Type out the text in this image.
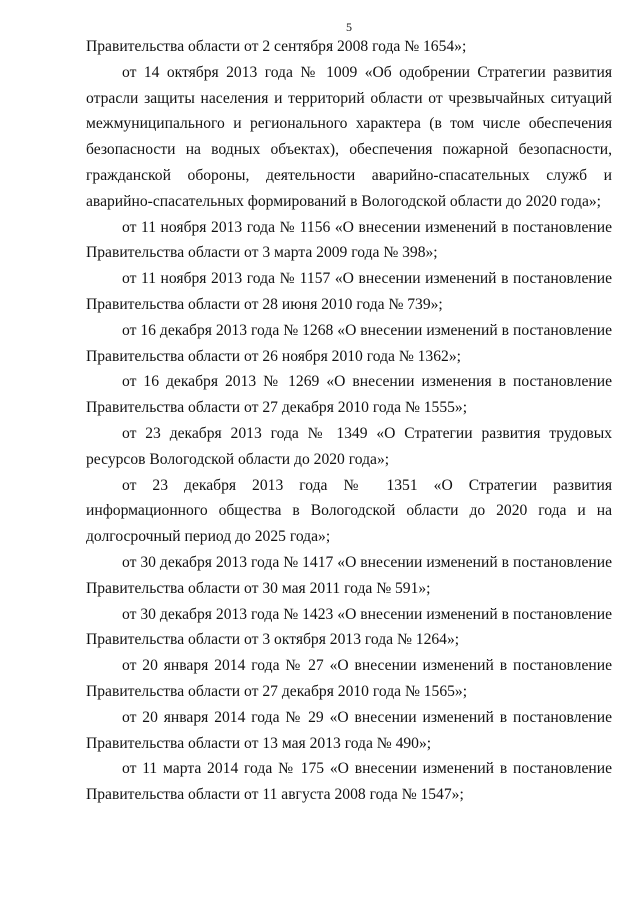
5

Правительства области от 2 сентября 2008 года № 1654»;

от 14 октября 2013 года № 1009 «Об одобрении Стратегии развития отрасли защиты населения и территорий области от чрезвычайных ситуаций межмуниципального и регионального характера (в том числе обеспечения безопасности на водных объектах), обеспечения пожарной безопасности, гражданской обороны, деятельности аварийно-спасательных служб и аварийно-спасательных формирований в Вологодской области до 2020 года»;

от 11 ноября 2013 года № 1156 «О внесении изменений в постановление Правительства области от 3 марта 2009 года № 398»;

от 11 ноября 2013 года № 1157 «О внесении изменений в постановление Правительства области от 28 июня 2010 года № 739»;

от 16 декабря 2013 года № 1268 «О внесении изменений в постановление Правительства области от 26 ноября 2010 года № 1362»;

от 16 декабря 2013 № 1269 «О внесении изменения в постановление Правительства области от 27 декабря 2010 года № 1555»;

от 23 декабря 2013 года № 1349 «О Стратегии развития трудовых ресурсов Вологодской области до 2020 года»;

от 23 декабря 2013 года № 1351 «О Стратегии развития информационного общества в Вологодской области до 2020 года и на долгосрочный период до 2025 года»;

от 30 декабря 2013 года № 1417 «О внесении изменений в постановление Правительства области от 30 мая 2011 года № 591»;

от 30 декабря 2013 года № 1423 «О внесении изменений в постановление Правительства области от 3 октября 2013 года № 1264»;

от 20 января 2014 года № 27 «О внесении изменений в постановление Правительства области от 27 декабря 2010 года № 1565»;

от 20 января 2014 года № 29 «О внесении изменений в постановление Правительства области от 13 мая 2013 года № 490»;

от 11 марта 2014 года № 175 «О внесении изменений в постановление Правительства области от 11 августа 2008 года № 1547»;
